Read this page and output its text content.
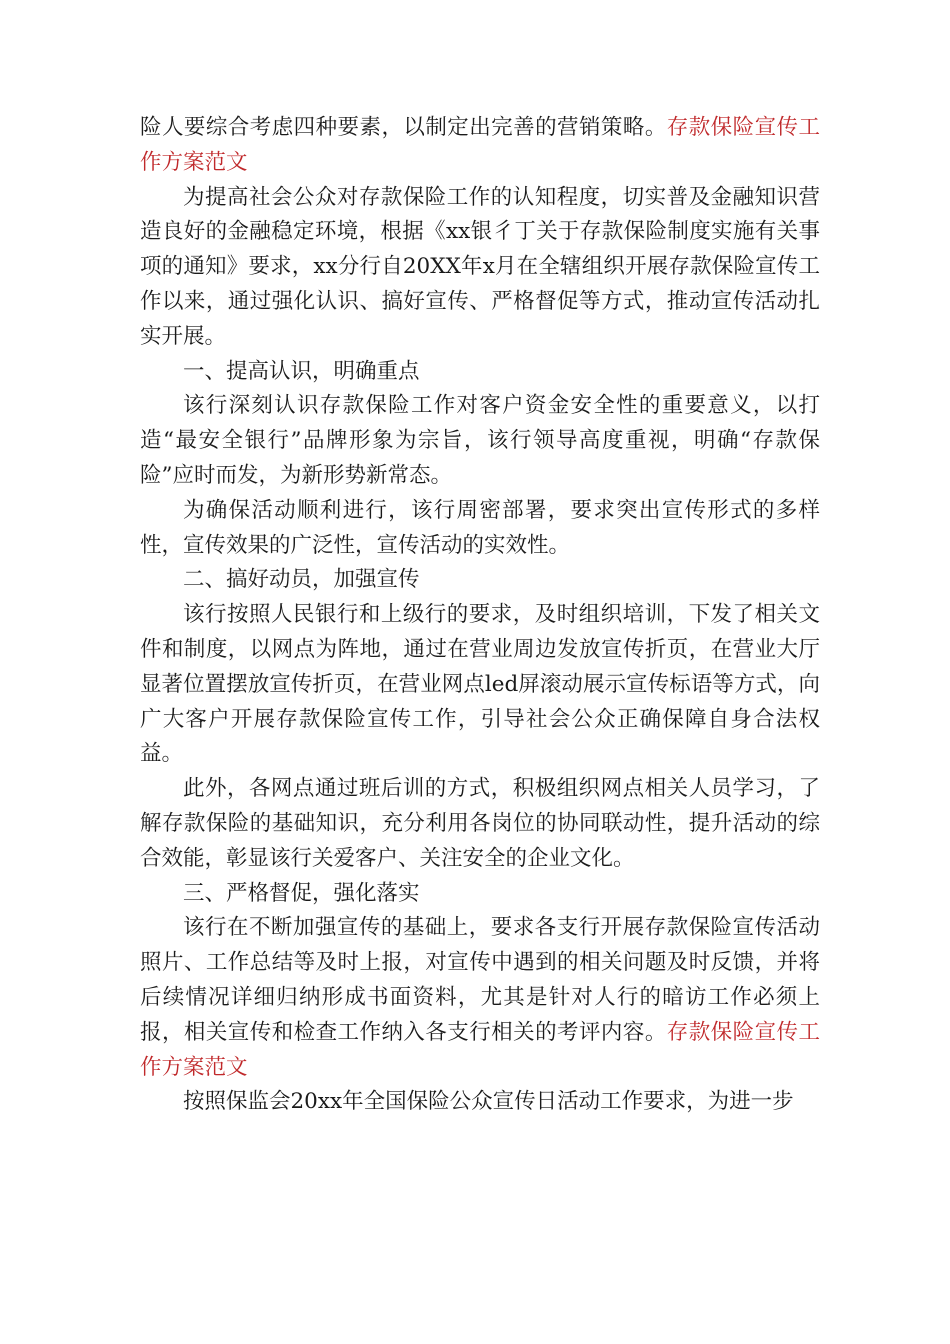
险人要综合考虑四种要素，以制定出完善的营销策略。存款保险宣传工作方案范文

为提高社会公众对存款保险工作的认知程度，切实普及金融知识营造良好的金融稳定环境，根据《xx银彳丁关于存款保险制度实施有关事项的通知》要求，xx分行自20XX年x月在全辖组织开展存款保险宣传工作以来，通过强化认识、搞好宣传、严格督促等方式，推动宣传活动扎实开展。

一、提高认识，明确重点

该行深刻认识存款保险工作对客户资金安全性的重要意义，以打造“最安全银行”品牌形象为宗旨，该行领导高度重视，明确“存款保险”应时而发，为新形势新常态。

为确保活动顺利进行，该行周密部署，要求突出宣传形式的多样性，宣传效果的广泛性，宣传活动的实效性。

二、搞好动员，加强宣传

该行按照人民银行和上级行的要求，及时组织培训，下发了相关文件和制度，以网点为阵地，通过在营业周边发放宣传折页，在营业大厅显著位置摆放宣传折页，在营业网点led屏滚动展示宣传标语等方式，向广大客户开展存款保险宣传工作，引导社会公众正确保障自身合法权益。

此外，各网点通过班后训的方式，积极组织网点相关人员学习，了解存款保险的基础知识，充分利用各岗位的协同联动性，提升活动的综合效能，彰显该行关爱客户、关注安全的企业文化。

三、严格督促，强化落实

该行在不断加强宣传的基础上，要求各支行开展存款保险宣传活动照片、工作总结等及时上报，对宣传中遇到的相关问题及时反馈，并将后续情况详细归纳形成书面资料，尤其是针对人行的暗访工作必须上报，相关宣传和检查工作纳入各支行相关的考评内容。存款保险宣传工作方案范文

按照保监会20xx年全国保险公众宣传日活动工作要求，为进一步
